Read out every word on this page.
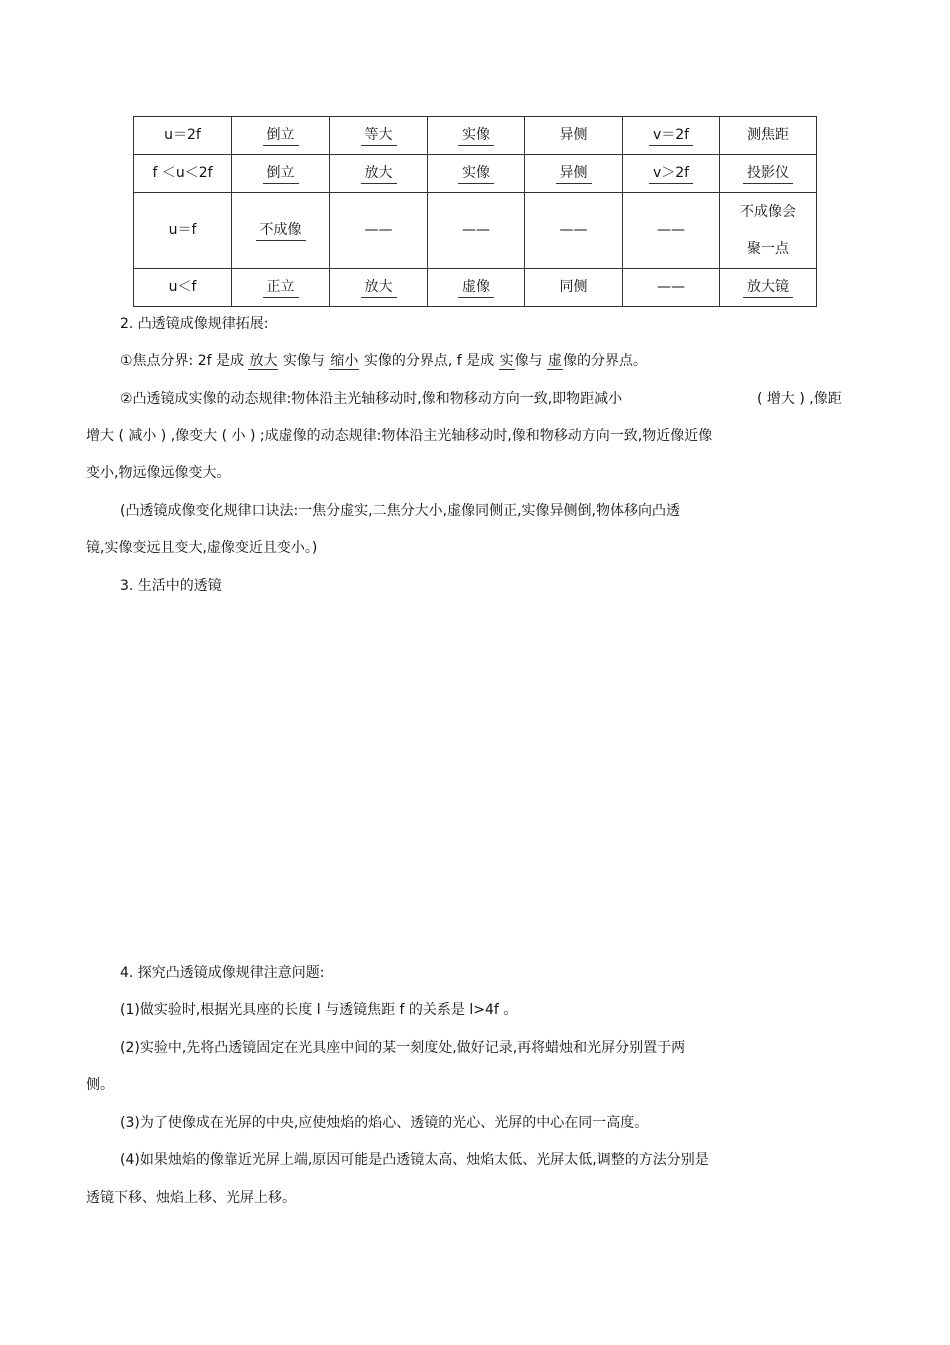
u＝2f	倒立	等大	实像	异侧	v＝2f	测焦距
f ＜u＜2f	倒立	放大	实像	异侧	v＞2f	投影仪
u＝f	不成像	——	——	——	——	不成像会
聚一点

u＜f	正立	放大	虚像	同侧	——	放大镜
2. 凸透镜成像规律拓展:
①焦点分界: 2f 是成 放大 实像与 缩小 实像的分界点, f 是成 实像与 虚像的分界点。
②凸透镜成实像的动态规律:物体沿主光轴移动时,像和物移动方向一致,即物距减小	( 增大 ) ,像距
增大 ( 减小 ) ,像变大 ( 小 ) ;成虚像的动态规律:物体沿主光轴移动时,像和物移动方向一致,物近像近像
变小,物远像远像变大。
(凸透镜成像变化规律口诀法:一焦分虚实,二焦分大小,虚像同侧正,实像异侧倒,物体移向凸透
镜,实像变远且变大,虚像变近且变小。)
3. 生活中的透镜
4. 探究凸透镜成像规律注意问题:
(1)做实验时,根据光具座的长度 l 与透镜焦距 f 的关系是 l>4f 。
(2)实验中,先将凸透镜固定在光具座中间的某一刻度处,做好记录,再将蜡烛和光屏分别置于两
侧。
(3)为了使像成在光屏的中央,应使烛焰的焰心、透镜的光心、光屏的中心在同一高度。
(4)如果烛焰的像靠近光屏上端,原因可能是凸透镜太高、烛焰太低、光屏太低,调整的方法分别是
透镜下移、烛焰上移、光屏上移。
